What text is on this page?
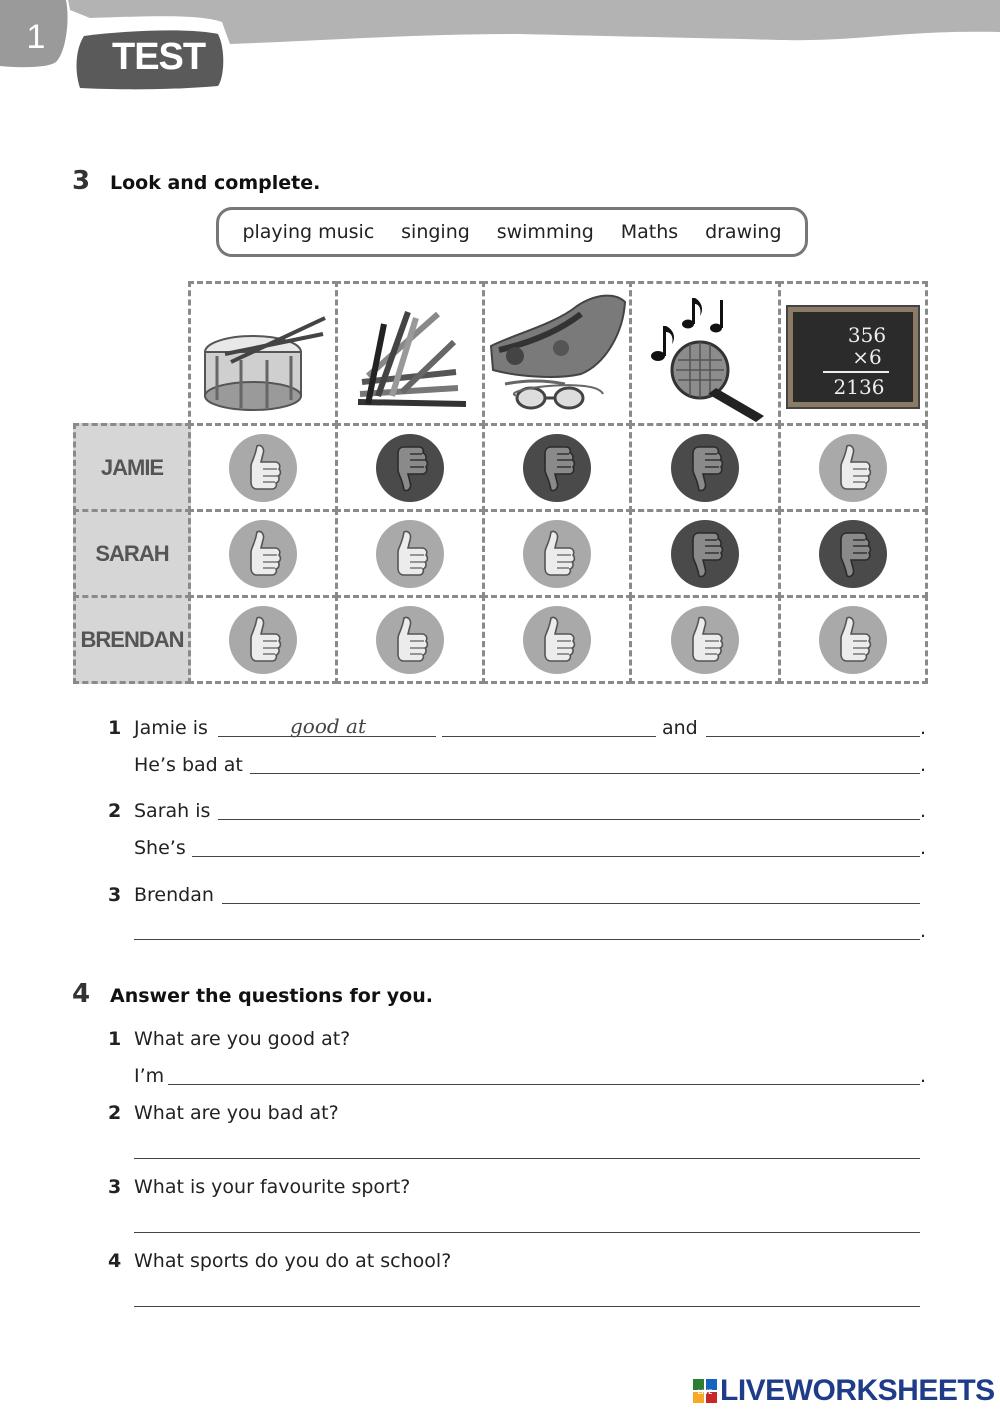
1 TEST
3 Look and complete.
playing music singing swimming Maths drawing
356
×6
2136
JAMIE
SARAH
BRENDAN
1 Jamie is	good at	and	.
He’s bad at	.
2 Sarah is	.
She’s	.
3 Brendan
.
4 Answer the questions for you.
1 What are you good at?
I’m	.
2 What are you bad at?
3 What is your favourite sport?
4 What sports do you do at school?
LIVE LIVEWORKSHEETS
